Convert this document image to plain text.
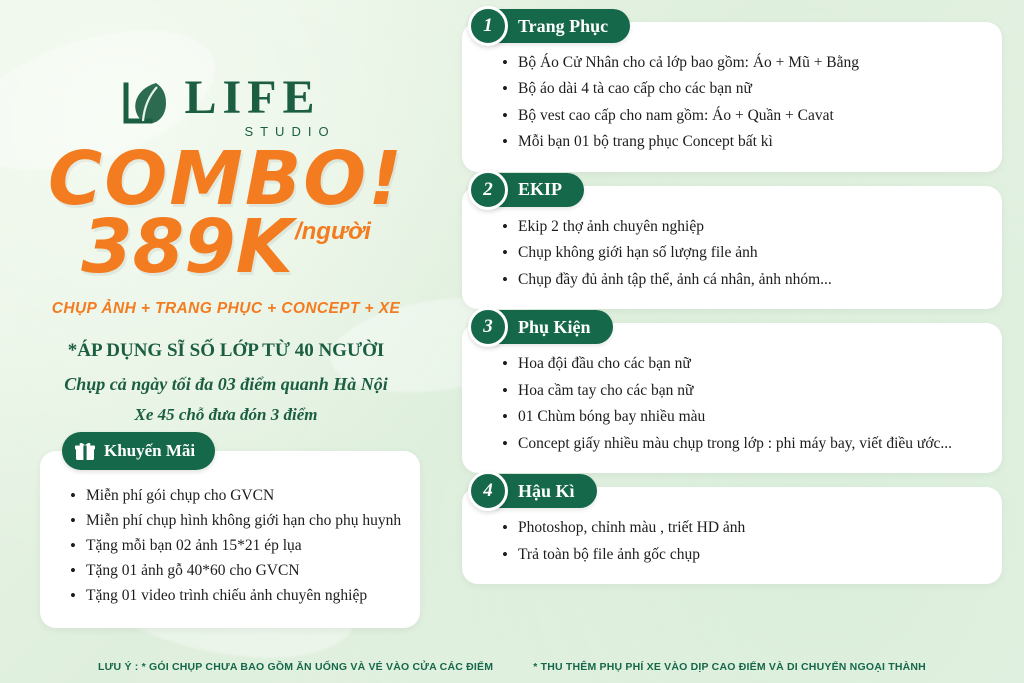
LIFE
STUDIO
COMBO!
389K /người
CHỤP ẢNH + TRANG PHỤC + CONCEPT + XE
*ÁP DỤNG SĨ SỐ LỚP TỪ 40 NGƯỜI
Chụp cả ngày tối đa 03 điểm quanh Hà Nội
Xe 45 chỗ đưa đón 3 điểm
Khuyến Mãi
• Miễn phí gói chụp cho GVCN
• Miễn phí chụp hình không giới hạn cho phụ huynh
• Tặng mỗi bạn 02 ảnh 15*21 ép lụa
• Tặng 01 ảnh gỗ 40*60 cho GVCN
• Tặng 01 video trình chiếu ảnh chuyên nghiệp
1	Trang Phục
• Bộ Áo Cử Nhân cho cả lớp bao gồm: Áo + Mũ + Bằng
• Bộ áo dài 4 tà cao cấp cho các bạn nữ
• Bộ vest cao cấp cho nam gồm: Áo + Quần + Cavat
• Mỗi bạn 01 bộ trang phục Concept bất kì
2	EKIP
• Ekip 2 thợ ảnh chuyên nghiệp
• Chụp không giới hạn số lượng file ảnh
• Chụp đầy đủ ảnh tập thể, ảnh cá nhân, ảnh nhóm...
3	Phụ Kiện
• Hoa đội đầu cho các bạn nữ
• Hoa cầm tay cho các bạn nữ
• 01 Chùm bóng bay nhiều màu
• Concept giấy nhiều màu chụp trong lớp : phi máy bay, viết điều ước...
4	Hậu Kì
• Photoshop, chỉnh màu , triết HD ảnh
• Trả toàn bộ file ảnh gốc chụp
LƯU Ý : * GÓI CHỤP CHƯA BAO GỒM ĂN UỐNG VÀ VÉ VÀO CỬA CÁC ĐIỂM	* THU THÊM PHỤ PHÍ XE VÀO DỊP CAO ĐIỂM VÀ DI CHUYỂN NGOẠI THÀNH
